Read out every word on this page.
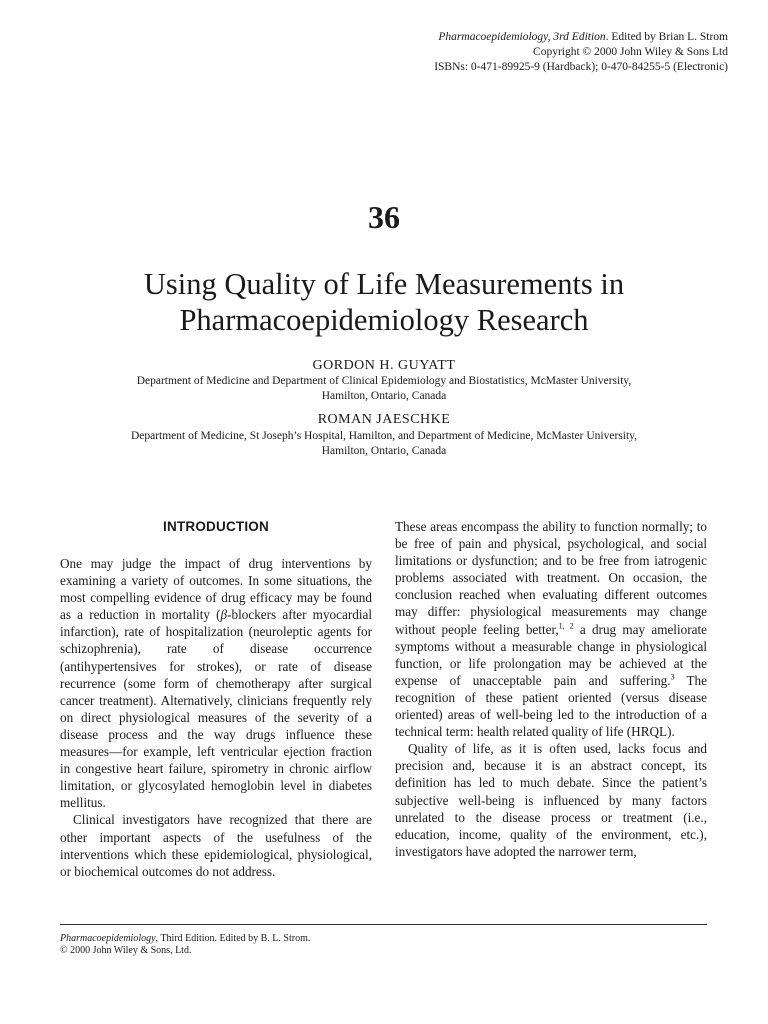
Pharmacoepidemiology, 3rd Edition. Edited by Brian L. Strom
Copyright © 2000 John Wiley & Sons Ltd
ISBNs: 0-471-89925-9 (Hardback); 0-470-84255-5 (Electronic)
36
Using Quality of Life Measurements in
Pharmacoepidemiology Research
GORDON H. GUYATT
Department of Medicine and Department of Clinical Epidemiology and Biostatistics, McMaster University,
Hamilton, Ontario, Canada
ROMAN JAESCHKE
Department of Medicine, St Joseph’s Hospital, Hamilton, and Department of Medicine, McMaster University,
Hamilton, Ontario, Canada
INTRODUCTION

One may judge the impact of drug interventions by examining a variety of outcomes. In some situations, the most compelling evidence of drug efficacy may be found as a reduction in mortality (β-blockers after myocardial infarction), rate of hospitalization (neuroleptic agents for schizophrenia), rate of disease occurrence (antihypertensives for strokes), or rate of disease recurrence (some form of chemotherapy after surgical cancer treatment). Alternatively, clinicians frequently rely on direct physiological measures of the severity of a disease process and the way drugs influence these measures—for example, left ventricular ejection fraction in congestive heart failure, spirometry in chronic airflow limitation, or glycosylated hemoglobin level in diabetes mellitus.

Clinical investigators have recognized that there are other important aspects of the usefulness of the interventions which these epidemiological, physiological, or biochemical outcomes do not address.

These areas encompass the ability to function normally; to be free of pain and physical, psychological, and social limitations or dysfunction; and to be free from iatrogenic problems associated with treatment. On occasion, the conclusion reached when evaluating different outcomes may differ: physiological measurements may change without people feeling better,$^{1, 2}$ a drug may ameliorate symptoms without a measurable change in physiological function, or life prolongation may be achieved at the expense of unacceptable pain and suffering.$^3$ The recognition of these patient oriented (versus disease oriented) areas of well-being led to the introduction of a technical term: health related quality of life (HRQL).

Quality of life, as it is often used, lacks focus and precision and, because it is an abstract concept, its definition has led to much debate. Since the patient’s subjective well-being is influenced by many factors unrelated to the disease process or treatment (i.e., education, income, quality of the environment, etc.), investigators have adopted the narrower term,

Pharmacoepidemiology, Third Edition. Edited by B. L. Strom.
© 2000 John Wiley & Sons, Ltd.
